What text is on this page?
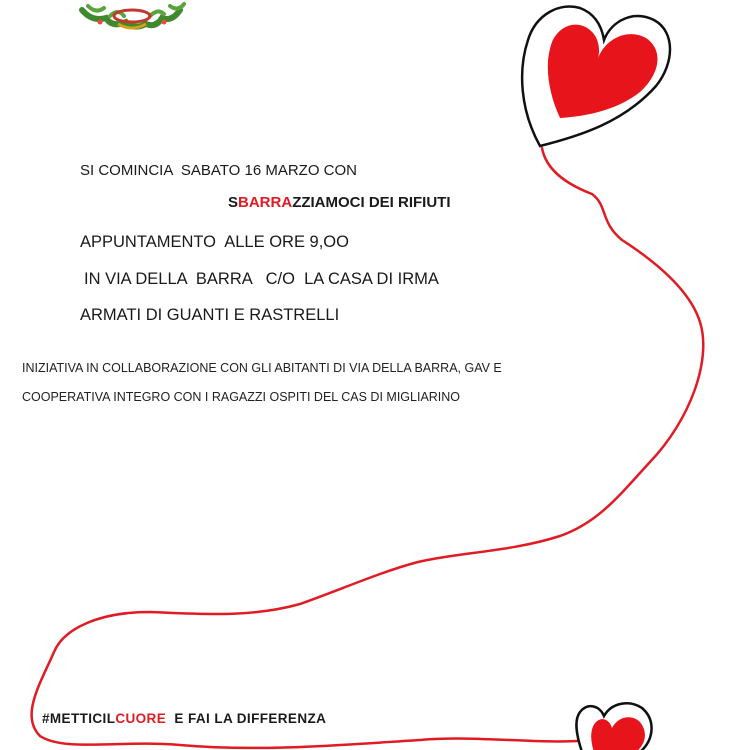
SI COMINCIA  SABATO 16 MARZO CON
SBARRAZZIAMOCI DEI RIFIUTI
APPUNTAMENTO  ALLE ORE 9,OO
IN VIA DELLA  BARRA   C/O  LA CASA DI IRMA
ARMATI DI GUANTI E RASTRELLI
INIZIATIVA IN COLLABORAZIONE CON GLI ABITANTI DI VIA DELLA BARRA, GAV E
COOPERATIVA INTEGRO CON I RAGAZZI OSPITI DEL CAS DI MIGLIARINO
#METTICILCUORE  E FAI LA DIFFERENZA
